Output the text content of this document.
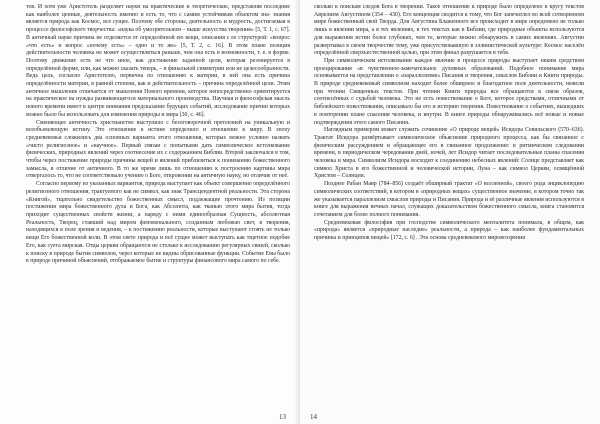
тов. И хотя уже Аристотель разделяет науки на практические и теоретические, представляя последние как наиболее ценные, деятельность именно и есть то, что с самим устойчивым объектом зна- знания является природа как Космос, все сущее. Поэтому обе стороны, деятельность и мудрость, достигаемая в процессе философского творчества: «наука об умозрительном – выше искусства творения» [5, Т. 1, с. 67]. В античный науке причина не отделяется от определённой ею вещи, описания с ее структурой: «вопрос «что есть» и вопрос «почему есть» – одно и то же» [5, Т. 2, с. 16]. В этом плане позиция действительности человека не может осуществляться раньше, чем она есть в возможности, т. е. в форме. Поэтому движение есть не что иное, как достижение заданной цели, которая резонируется в определённой форме, или, как можно сказать теперь, – в финальной симметрии или не целесообразности. Ведь цель, согласно Аристотелю, первична по отношению к материи, в ней она есть причина определённости материи, в равной степени, как и действительность – причина определённой цели. Этим античное мышление отличается от мышления Нового времени, которое непосредственно ориентируется на практическое на нужды развивающегося материального производства. Научная и философская мысль нового времени имеет в центре внимания предсказание будущих событий, исследование причин которых можно было бы использовать для изменения природы и мира [30, с. 46].

Сменяющее античность христианство выступило с безоговорочной претензией на уникальную и всеобъемлющую истину. Это отношение к истине определило и отношение к миру. В эпоху средневековья сложились два основных варианта этого отношения, которые можно условно назвать «чисто религиозное» и «научное». Первый связан с попытками дать символическое истолкование физических, природных явлений через соотнесение их с содержанием Библии. Второй заключался в том, чтобы через постижение природы причины вещей и явлений приблизиться к пониманию божественного замысла, в отличие от античного. В то же время лишь по отношению к построению картины мира отвергалось то, что не соответствовало учению о Боге, откровении на античную науку, но отличие от неё.

Согласно первому из указанных вариантов, природа выступает как объект совершенно определённого религиозного отношения, трактуемого как не символ, как знак Трансцендентной реальности. Эта сторона «Книгой», тщательно свидетельство божественных смысл, подлежащие прочтению. Из позиции постижения мира божественного духа и Бога, как Абсолюта, как тканью этого мира бытия, тогда приходит существенных свойств жизни, а наряду с ними единообразная Сущность, абсолютная Реальность, Творец, ставший над миром феноменального, созданным любовью свет, в творения, находящихся в поле зрения и ведения, – к постижению реальности, которые выступают стоять не только вещи Его божественной воли. В этом свете природа и всё сущее может выступать как тщетное подобие Его, как суета мирская. Отцы церкви обращаются не столько к исследованию регулярных связей, сколько к поиску в природе бытия символов, через которые не видны обрисованные функции. Событие Евы было в природе причиной объяснений, отображаемое бытие и структуры финансового мира самого по себе.

13

сколько к поискам следов Бога в творении. Такое отношение к природе было определено в кругу текстов Аврелием Августином (354 – 430). Его концепция сводится к тому, что Бог запечатлел во всей сотворенном мире божественный свой Творда. Для Августина Блаженного все происходит в мире опредемено не только лишь в явлении мира, а в тех явлениях, в тех текстах как в Библии, где природные объекты используются для выражения истин более глубоких, чем те, которые можно обнаружить в самих явлениях. Августин развертывал в своем творчестве тему, уже присутствовавшую в эллинистической культуре: Космос населён определённой сверхъестественной целью, при этом финал разрушается в тебя.

При символическом истолковании каждое явление в процессе природы выступает неким средством проецирования «в чувственное-замечательное духовных образований. Подобное понимание мира основывается на представлении о «параллелизме» Писания и творения, смыслов Библии и Книги природы. В природе средневековый символизм находит более обширное и благодатное поле деятельности, нежели при чтении Священных текстов. При чтении Книги природы все обращаются в связи образов, соотнесённых с судьбой человека. Это не есть повествование о Боге, которое средствами, отличными от библейского повествования, описывало бы его и историю творения. Повествование о событиях, вышедших в повторении плане спасения человека, и внутри. В книге природы обнаруживались всё новые и новые подтверждения этого самого Писания.

Наглядным примером может служить сочинение «О природе вещей» Исидора Севильского (570–636). Трактат Исидора развёртывает символическое объяснение природного процесса, как бы связанное с физическим рассуждением и обращающее его в связанное продолжение: в ритмическом следовании времени, в периодическом чередовании дней, ночей, лет Исидор читает последовательные планы спасения человека и мира. Символизм Исидора восходит к соединению небесных явлений: Солнце представляет как символ Христа в его божественной и человеческой истории, Луна – как символ Церкви, освящённой Христом – Солнцем.

Позднее Рабан Мавр (784–856) создаёт обширный трактат «О вселенной», своего рода энциклопедию символических соответствий, в котором в «природных вещах» существенное значение, в котором точно так же указывается параллелизм смыслов природы и Писания. Природа и её различные явления используются в книге для выражения вечных начал, служащих доказательством божественного смысла, книга становится сочетанием для более полного понимания.

Средневековая философия при господстве символического менталитета понимала, в общем, как «природа» является «природные наследие» реальности, а природа – как наиболее фундаментальных причины и принципов вещей» [172, с. 6] . Эта основа средневекового мировоззрения

14
